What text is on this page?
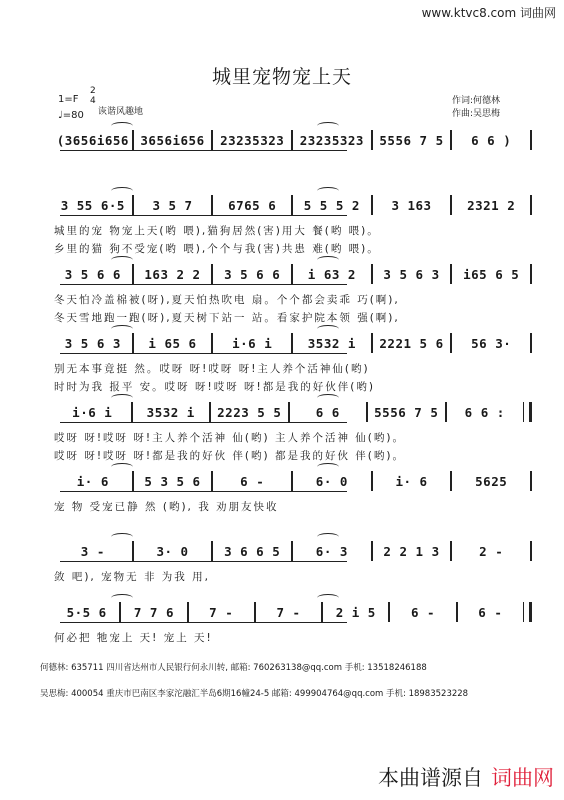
www.ktvc8.com 词曲网
城里宠物宠上天
1=F
2
4
♩=80 诙谐风趣地
作词:何德林
作曲:吴思梅
(3656i656 3656i656	23235323	23235323	5556 7 5	6 6 )
3 55 6·5	3 5 7	6765 6	5 5 5 2	3 163	2321 2
城里的宠 物宠上天(哟 喂),猫狗居然(害)用大 餐(哟 喂)。
乡里的猫 狗不受宠(哟 喂),个个与我(害)共患 难(哟 喂)。
3 5 6 6	163 2 2	3 5 6 6	i 63 2	3 5 6 3	i65 6 5
冬天怕冷盖棉被(呀),夏天怕热吹电 扇。个个都会卖乖 巧(啊),
冬天雪地跑一跑(呀),夏天树下站一 站。看家护院本领 强(啊),
3 5 6 3	i 65 6	i·6 i	3532 i	2221 5 6	56 3·
别无本事竟挺 然。哎呀 呀!哎呀 呀!主人养个活神仙(哟)
时时为我 报平 安。哎呀 呀!哎呀 呀!都是我的好伙伴(哟)
i·6 i	3532 i	2223 5 5	6 6	5556 7 5	6 6 :
哎呀 呀!哎呀 呀!主人养个活神 仙(哟) 主人养个活神 仙(哟)。
哎呀 呀!哎呀 呀!都是我的好伙 伴(哟) 都是我的好伙 伴(哟)。
i· 6	5 3 5 6	6 -	6· 0	i· 6	5625
宠 物 受宠已静 然 (哟), 我 劝朋友快收
3 -	3· 0	3 6 6 5	6· 3	2 2 1 3	2 -
敛 吧), 宠物无 非 为我 用,
5·5 6	7 7 6	7 -	7 -	2 i 5	6 -	6 -
何必把 牠宠上 天! 宠上 天!
何德林: 635711 四川省达州市人民银行何永川转, 邮箱: 760263138@qq.com 手机: 13518246188
吴思梅: 400054 重庆市巴南区李家沱融汇半岛6期16幢24-5 邮箱: 499904764@qq.com 手机: 18983523228
本曲谱源自 词曲网
